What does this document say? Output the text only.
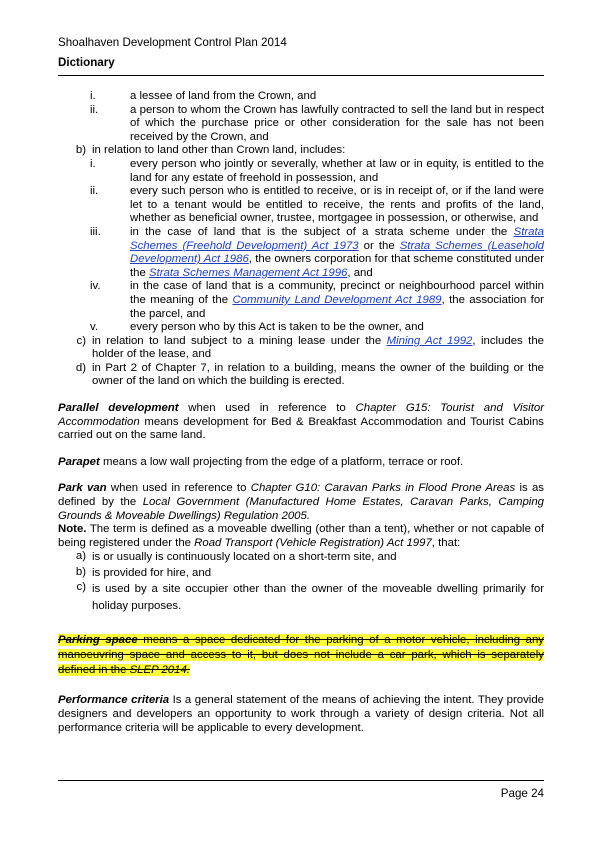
Shoalhaven Development Control Plan 2014
Dictionary
i.	a lessee of land from the Crown, and
ii.	a person to whom the Crown has lawfully contracted to sell the land but in respect of which the purchase price or other consideration for the sale has not been received by the Crown, and
b) in relation to land other than Crown land, includes:
i.	every person who jointly or severally, whether at law or in equity, is entitled to the land for any estate of freehold in possession, and
ii.	every such person who is entitled to receive, or is in receipt of, or if the land were let to a tenant would be entitled to receive, the rents and profits of the land, whether as beneficial owner, trustee, mortgagee in possession, or otherwise, and
iii.	in the case of land that is the subject of a strata scheme under the Strata Schemes (Freehold Development) Act 1973 or the Strata Schemes (Leasehold Development) Act 1986, the owners corporation for that scheme constituted under the Strata Schemes Management Act 1996, and
iv.	in the case of land that is a community, precinct or neighbourhood parcel within the meaning of the Community Land Development Act 1989, the association for the parcel, and
v.	every person who by this Act is taken to be the owner, and
c) in relation to land subject to a mining lease under the Mining Act 1992, includes the holder of the lease, and
d) in Part 2 of Chapter 7, in relation to a building, means the owner of the building or the owner of the land on which the building is erected.
Parallel development when used in reference to Chapter G15: Tourist and Visitor Accommodation means development for Bed & Breakfast Accommodation and Tourist Cabins carried out on the same land.
Parapet means a low wall projecting from the edge of a platform, terrace or roof.
Park van when used in reference to Chapter G10: Caravan Parks in Flood Prone Areas is as defined by the Local Government (Manufactured Home Estates, Caravan Parks, Camping Grounds & Moveable Dwellings) Regulation 2005.
Note. The term is defined as a moveable dwelling (other than a tent), whether or not capable of being registered under the Road Transport (Vehicle Registration) Act 1997, that:
a) is or usually is continuously located on a short-term site, and
b) is provided for hire, and
c) is used by a site occupier other than the owner of the moveable dwelling primarily for holiday purposes.
Parking space means a space dedicated for the parking of a motor vehicle, including any manoeuvring space and access to it, but does not include a car park, which is separately defined in the SLEP 2014.
Performance criteria Is a general statement of the means of achieving the intent. They provide designers and developers an opportunity to work through a variety of design criteria. Not all performance criteria will be applicable to every development.
Page 24
